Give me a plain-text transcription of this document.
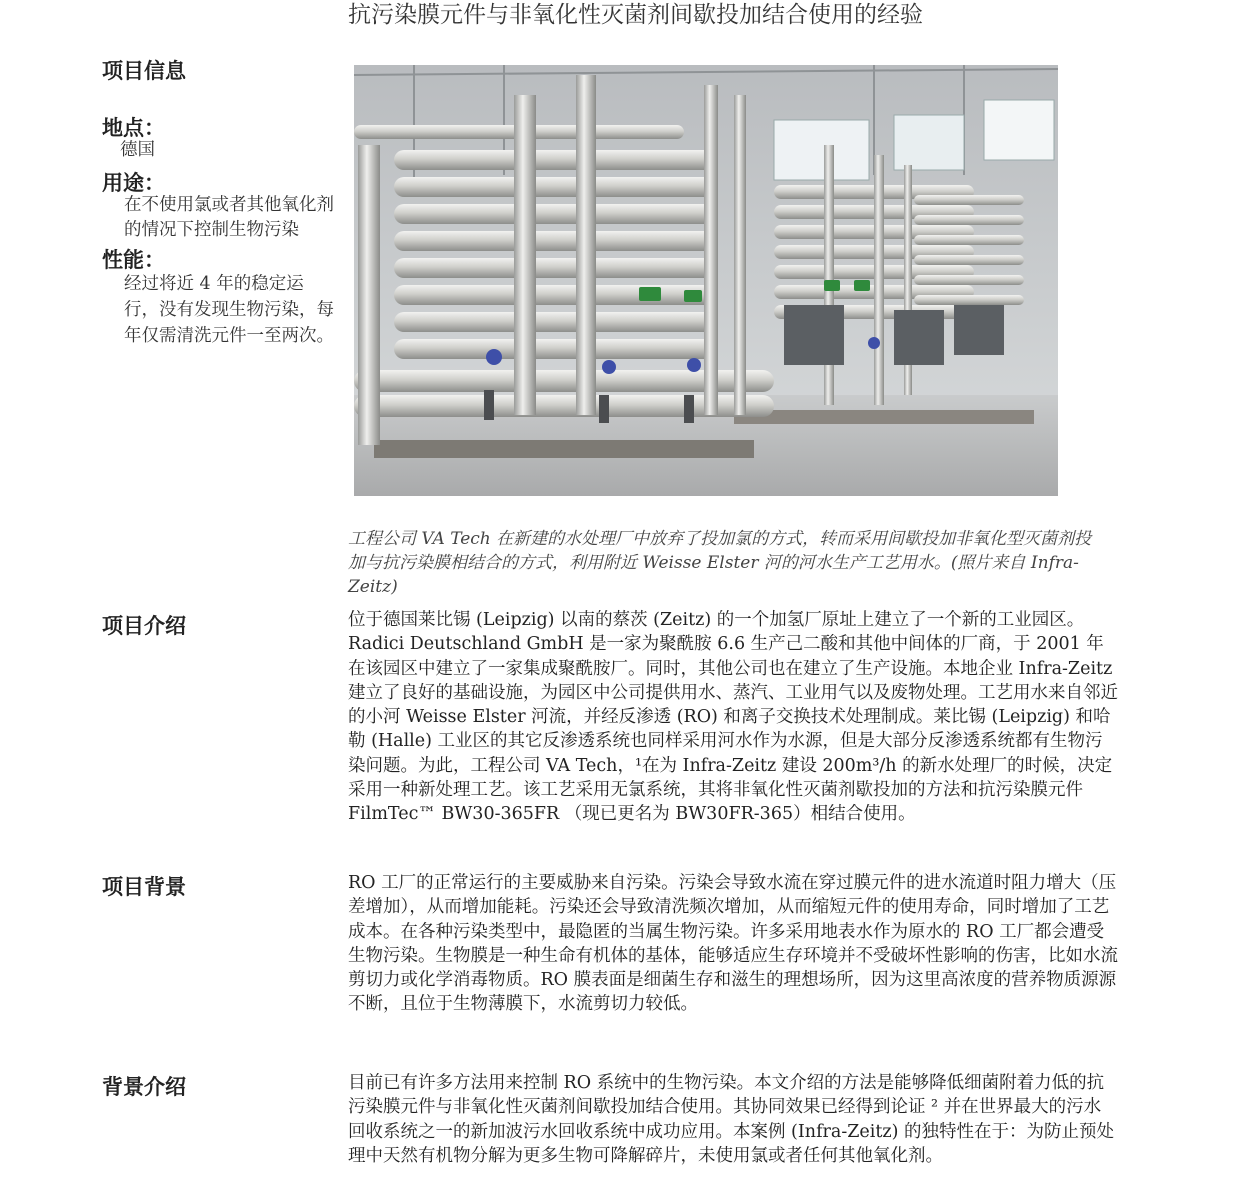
抗污染膜元件与非氧化性灭菌剂间歇投加结合使用的经验
项目信息
地点：
德国
用途：
在不使用氯或者其他氧化剂的情况下控制生物污染
性能：
经过将近 4 年的稳定运行，没有发现生物污染，每年仅需清洗元件一至两次。
工程公司 VA Tech 在新建的水处理厂中放弃了投加氯的方式，转而采用间歇投加非氧化型灭菌剂投加与抗污染膜相结合的方式，利用附近 Weisse Elster 河的河水生产工艺用水。(照片来自 Infra-Zeitz)
项目介绍	位于德国莱比锡 (Leipzig) 以南的蔡茨 (Zeitz) 的一个加氢厂原址上建立了一个新的工业园区。Radici Deutschland GmbH 是一家为聚酰胺 6.6 生产己二酸和其他中间体的厂商，于 2001 年在该园区中建立了一家集成聚酰胺厂。同时，其他公司也在建立了生产设施。本地企业 Infra-Zeitz 建立了良好的基础设施，为园区中公司提供用水、蒸汽、工业用气以及废物处理。工艺用水来自邻近的小河 Weisse Elster 河流，并经反渗透 (RO) 和离子交换技术处理制成。莱比锡 (Leipzig) 和哈勒 (Halle) 工业区的其它反渗透系统也同样采用河水作为水源，但是大部分反渗透系统都有生物污染问题。为此，工程公司 VA Tech，¹在为 Infra-Zeitz 建设 200m³/h 的新水处理厂的时候，决定采用一种新处理工艺。该工艺采用无氯系统，其将非氧化性灭菌剂歇投加的方法和抗污染膜元件 FilmTec™ BW30-365FR （现已更名为 BW30FR-365）相结合使用。
项目背景	RO 工厂的正常运行的主要威胁来自污染。污染会导致水流在穿过膜元件的进水流道时阻力增大（压差增加），从而增加能耗。污染还会导致清洗频次增加，从而缩短元件的使用寿命，同时增加了工艺成本。在各种污染类型中，最隐匿的当属生物污染。许多采用地表水作为原水的 RO 工厂都会遭受生物污染。生物膜是一种生命有机体的基体，能够适应生存环境并不受破坏性影响的伤害，比如水流剪切力或化学消毒物质。RO 膜表面是细菌生存和滋生的理想场所，因为这里高浓度的营养物质源源不断，且位于生物薄膜下，水流剪切力较低。
背景介绍	目前已有许多方法用来控制 RO 系统中的生物污染。本文介绍的方法是能够降低细菌附着力低的抗污染膜元件与非氧化性灭菌剂间歇投加结合使用。其协同效果已经得到论证 ² 并在世界最大的污水回收系统之一的新加波污水回收系统中成功应用。本案例 (Infra-Zeitz) 的独特性在于：为防止预处理中天然有机物分解为更多生物可降解碎片，未使用氯或者任何其他氧化剂。
